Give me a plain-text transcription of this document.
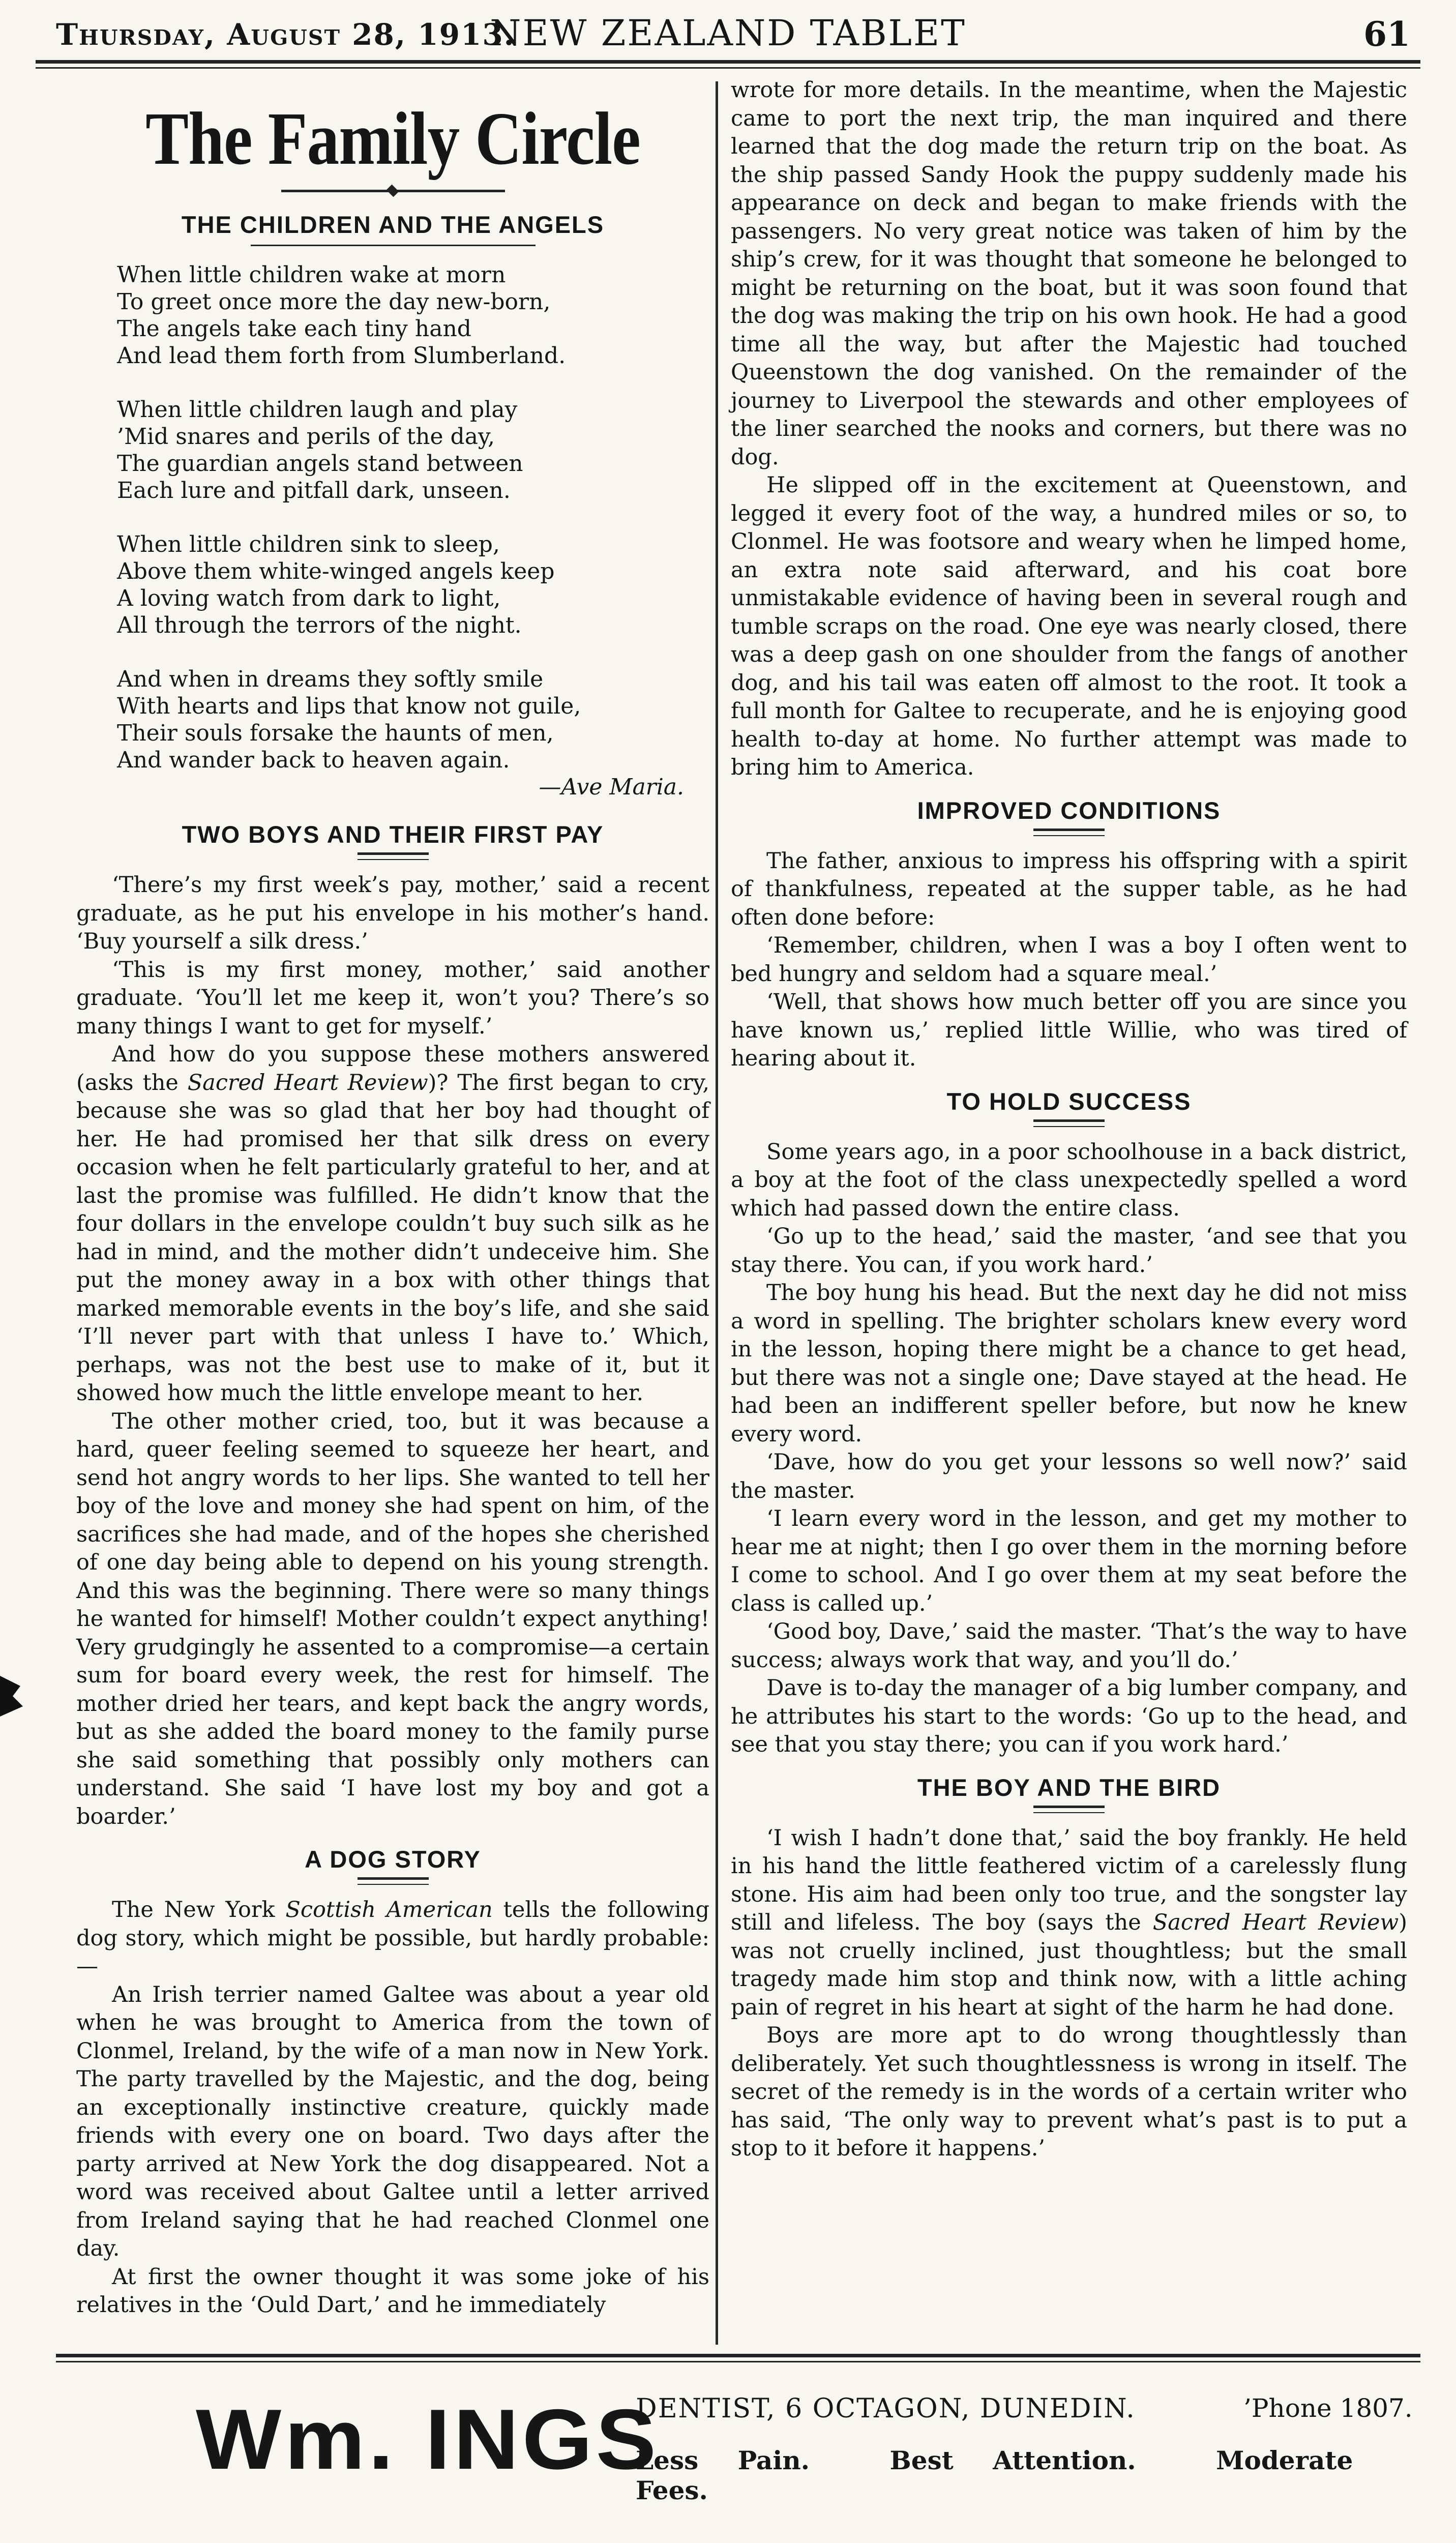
Thursday, August 28, 1913.
NEW ZEALAND TABLET	61
The Family Circle
THE CHILDREN AND THE ANGELS
When little children wake at morn
To greet once more the day new-born,
The angels take each tiny hand
And lead them forth from Slumberland.
When little children laugh and play
’Mid snares and perils of the day,
The guardian angels stand between
Each lure and pitfall dark, unseen.
When little children sink to sleep,
Above them white-winged angels keep
A loving watch from dark to light,
All through the terrors of the night.
And when in dreams they softly smile
With hearts and lips that know not guile,
Their souls forsake the haunts of men,
And wander back to heaven again.
—Ave Maria.
TWO BOYS AND THEIR FIRST PAY

‘There’s my first week’s pay, mother,’ said a recent graduate, as he put his envelope in his mother’s hand. ‘Buy yourself a silk dress.’

‘This is my first money, mother,’ said another graduate. ‘You’ll let me keep it, won’t you? There’s so many things I want to get for myself.’

And how do you suppose these mothers answered (asks the Sacred Heart Review)? The first began to cry, because she was so glad that her boy had thought of her. He had promised her that silk dress on every occasion when he felt particularly grateful to her, and at last the promise was fulfilled. He didn’t know that the four dollars in the envelope couldn’t buy such silk as he had in mind, and the mother didn’t undeceive him. She put the money away in a box with other things that marked memorable events in the boy’s life, and she said ‘I’ll never part with that unless I have to.’ Which, perhaps, was not the best use to make of it, but it showed how much the little envelope meant to her.

The other mother cried, too, but it was because a hard, queer feeling seemed to squeeze her heart, and send hot angry words to her lips. She wanted to tell her boy of the love and money she had spent on him, of the sacrifices she had made, and of the hopes she cherished of one day being able to depend on his young strength. And this was the beginning. There were so many things he wanted for himself! Mother couldn’t expect anything! Very grudgingly he assented to a compromise—a certain sum for board every week, the rest for himself. The mother dried her tears, and kept back the angry words, but as she added the board money to the family purse she said something that possibly only mothers can understand. She said ‘I have lost my boy and got a boarder.’

A DOG STORY

The New York Scottish American tells the following dog story, which might be possible, but hardly probable:—

An Irish terrier named Galtee was about a year old when he was brought to America from the town of Clonmel, Ireland, by the wife of a man now in New York. The party travelled by the Majestic, and the dog, being an exceptionally instinctive creature, quickly made friends with every one on board. Two days after the party arrived at New York the dog disappeared. Not a word was received about Galtee until a letter arrived from Ireland saying that he had reached Clonmel one day.

At first the owner thought it was some joke of his relatives in the ‘Ould Dart,’ and he immediately

wrote for more details. In the meantime, when the Majestic came to port the next trip, the man inquired and there learned that the dog made the return trip on the boat. As the ship passed Sandy Hook the puppy suddenly made his appearance on deck and began to make friends with the passengers. No very great notice was taken of him by the ship’s crew, for it was thought that someone he belonged to might be returning on the boat, but it was soon found that the dog was making the trip on his own hook. He had a good time all the way, but after the Majestic had touched Queenstown the dog vanished. On the remainder of the journey to Liverpool the stewards and other employees of the liner searched the nooks and corners, but there was no dog.

He slipped off in the excitement at Queenstown, and legged it every foot of the way, a hundred miles or so, to Clonmel. He was footsore and weary when he limped home, an extra note said afterward, and his coat bore unmistakable evidence of having been in several rough and tumble scraps on the road. One eye was nearly closed, there was a deep gash on one shoulder from the fangs of another dog, and his tail was eaten off almost to the root. It took a full month for Galtee to recuperate, and he is enjoying good health to-day at home. No further attempt was made to bring him to America.

IMPROVED CONDITIONS

The father, anxious to impress his offspring with a spirit of thankfulness, repeated at the supper table, as he had often done before:

‘Remember, children, when I was a boy I often went to bed hungry and seldom had a square meal.’

‘Well, that shows how much better off you are since you have known us,’ replied little Willie, who was tired of hearing about it.

TO HOLD SUCCESS

Some years ago, in a poor schoolhouse in a back district, a boy at the foot of the class unexpectedly spelled a word which had passed down the entire class.

‘Go up to the head,’ said the master, ‘and see that you stay there. You can, if you work hard.’

The boy hung his head. But the next day he did not miss a word in spelling. The brighter scholars knew every word in the lesson, hoping there might be a chance to get head, but there was not a single one; Dave stayed at the head. He had been an indifferent speller before, but now he knew every word.

‘Dave, how do you get your lessons so well now?’ said the master.

‘I learn every word in the lesson, and get my mother to hear me at night; then I go over them in the morning before I come to school. And I go over them at my seat before the class is called up.’

‘Good boy, Dave,’ said the master. ‘That’s the way to have success; always work that way, and you’ll do.’

Dave is to-day the manager of a big lumber company, and he attributes his start to the words: ‘Go up to the head, and see that you stay there; you can if you work hard.’

THE BOY AND THE BIRD

‘I wish I hadn’t done that,’ said the boy frankly. He held in his hand the little feathered victim of a carelessly flung stone. His aim had been only too true, and the songster lay still and lifeless. The boy (says the Sacred Heart Review) was not cruelly inclined, just thoughtless; but the small tragedy made him stop and think now, with a little aching pain of regret in his heart at sight of the harm he had done.

Boys are more apt to do wrong thoughtlessly than deliberately. Yet such thoughtlessness is wrong in itself. The secret of the remedy is in the words of a certain writer who has said, ‘The only way to prevent what’s past is to put a stop to it before it happens.’

Wm. INGS
DENTIST, 6 OCTAGON, DUNEDIN.	’Phone 1807.
Less Pain.	Best Attention.	Moderate Fees.
